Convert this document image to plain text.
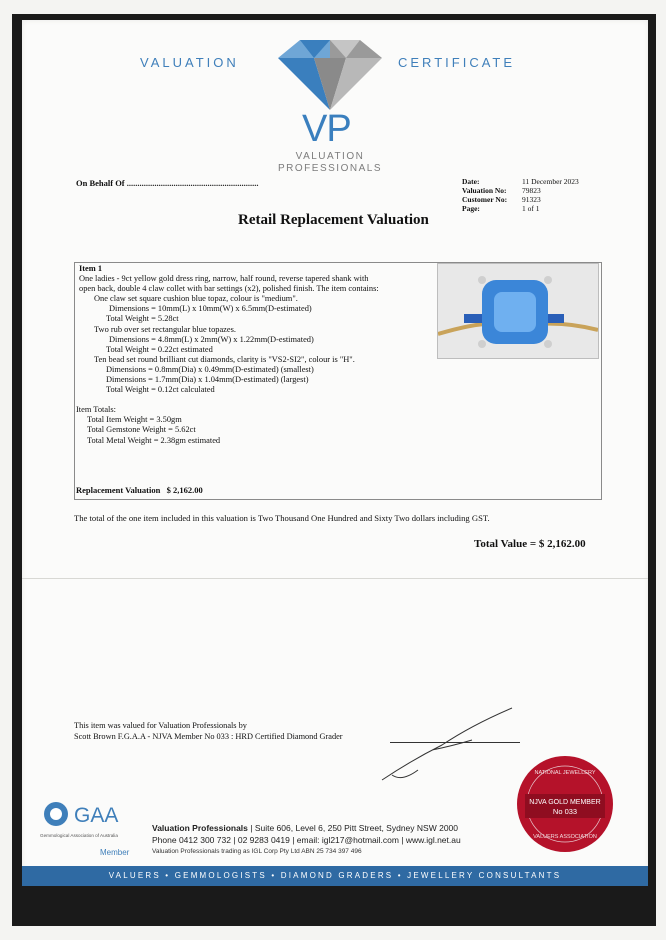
VALUATION	CERTIFICATE
VP
VALUATION
PROFESSIONALS
On Behalf Of ..............................................................	Date:	11 December 2023
Valuation No:	79823
Customer No:	91323
Page:	1 of 1
Retail Replacement Valuation
Item 1
One ladies - 9ct yellow gold dress ring, narrow, half round, reverse tapered shank with
open back, double 4 claw collet with bar settings (x2), polished finish. The item contains:
One claw set square cushion blue topaz, colour is "medium".
Dimensions = 10mm(L) x 10mm(W) x 6.5mm(D-estimated)
Total Weight = 5.28ct
Two rub over set rectangular blue topazes.
Dimensions = 4.8mm(L) x 2mm(W) x 1.22mm(D-estimated)
Total Weight = 0.22ct estimated
Ten bead set round brilliant cut diamonds, clarity is "VS2-SI2", colour is "H".
Dimensions = 0.8mm(Dia) x 0.49mm(D-estimated) (smallest)
Dimensions = 1.7mm(Dia) x 1.04mm(D-estimated) (largest)
Total Weight = 0.12ct calculated
Item Totals:
Total Item Weight = 3.50gm
Total Gemstone Weight = 5.62ct
Total Metal Weight = 2.38gm estimated
Replacement Valuation $ 2,162.00
The total of the one item included in this valuation is Two Thousand One Hundred and Sixty Two dollars including GST.
Total Value = $ 2,162.00
This item was valued for Valuation Professionals by
Scott Brown F.G.A.A - NJVA Member No 033 : HRD Certified Diamond Grader
GAA
Gemmological Association of Australia
Member
Valuation Professionals | Suite 606, Level 6, 250 Pitt Street, Sydney NSW 2000
Phone 0412 300 732 | 02 9283 0419 | email: igl217@hotmail.com | www.igl.net.au
Valuation Professionals trading as IGL Corp Pty Ltd ABN 25 734 397 496
NATIONAL JEWELLERY
NJVA GOLD MEMBER
No 033
VALUERS ASSOCIATION
VALUERS • GEMMOLOGISTS • DIAMOND GRADERS • JEWELLERY CONSULTANTS
